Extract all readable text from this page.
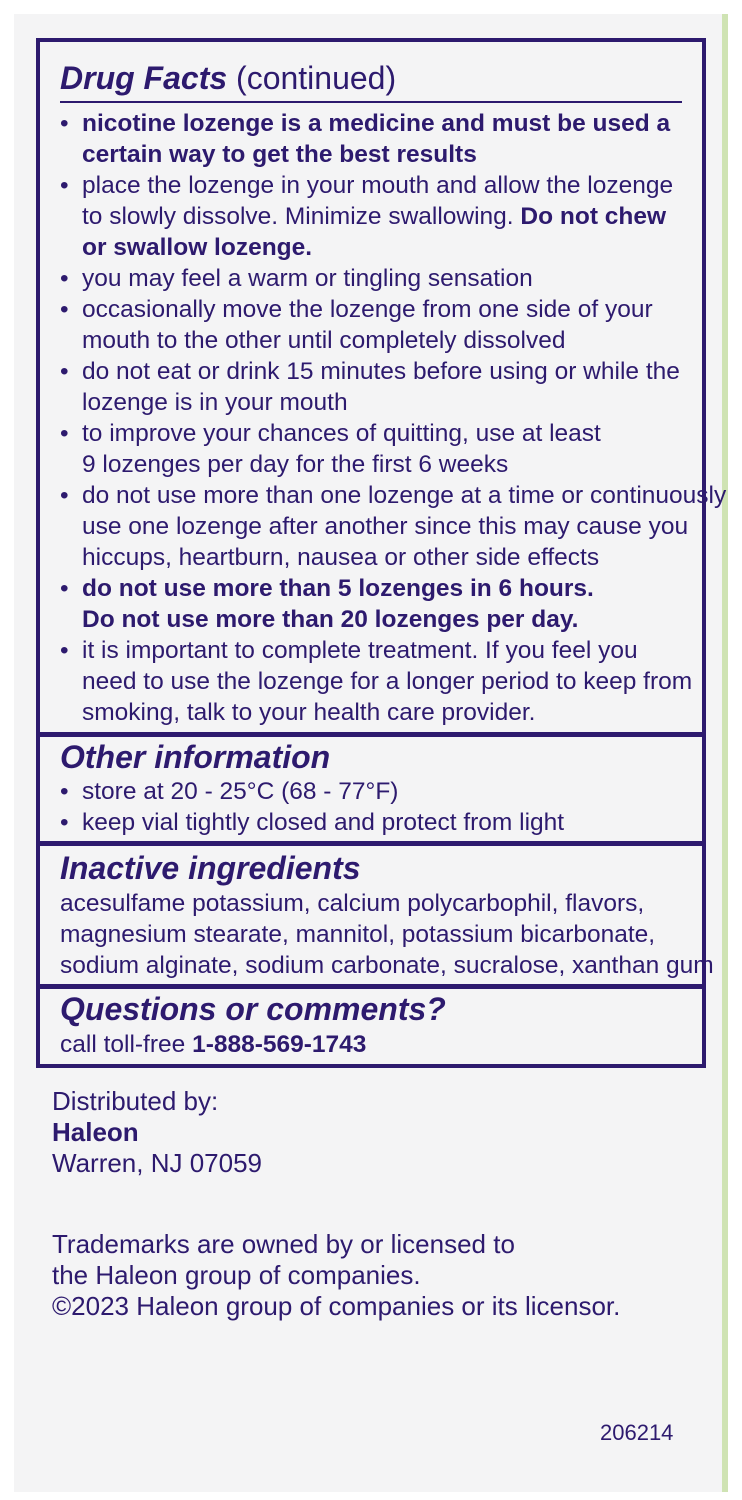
Drug Facts (continued)
• nicotine lozenge is a medicine and must be used a
certain way to get the best results
• place the lozenge in your mouth and allow the lozenge
to slowly dissolve. Minimize swallowing. Do not chew
or swallow lozenge.
• you may feel a warm or tingling sensation
• occasionally move the lozenge from one side of your
mouth to the other until completely dissolved
• do not eat or drink 15 minutes before using or while the
lozenge is in your mouth
• to improve your chances of quitting, use at least
9 lozenges per day for the first 6 weeks
• do not use more than one lozenge at a time or continuously
use one lozenge after another since this may cause you
hiccups, heartburn, nausea or other side effects
• do not use more than 5 lozenges in 6 hours.
Do not use more than 20 lozenges per day.
• it is important to complete treatment. If you feel you
need to use the lozenge for a longer period to keep from
smoking, talk to your health care provider.
Other information
• store at 20 - 25°C (68 - 77°F)
• keep vial tightly closed and protect from light
Inactive ingredients
acesulfame potassium, calcium polycarbophil, flavors,
magnesium stearate, mannitol, potassium bicarbonate,
sodium alginate, sodium carbonate, sucralose, xanthan gum
Questions or comments?
call toll-free 1-888-569-1743
Distributed by:
Haleon
Warren, NJ 07059
Trademarks are owned by or licensed to
the Haleon group of companies.
©2023 Haleon group of companies or its licensor.
206214
